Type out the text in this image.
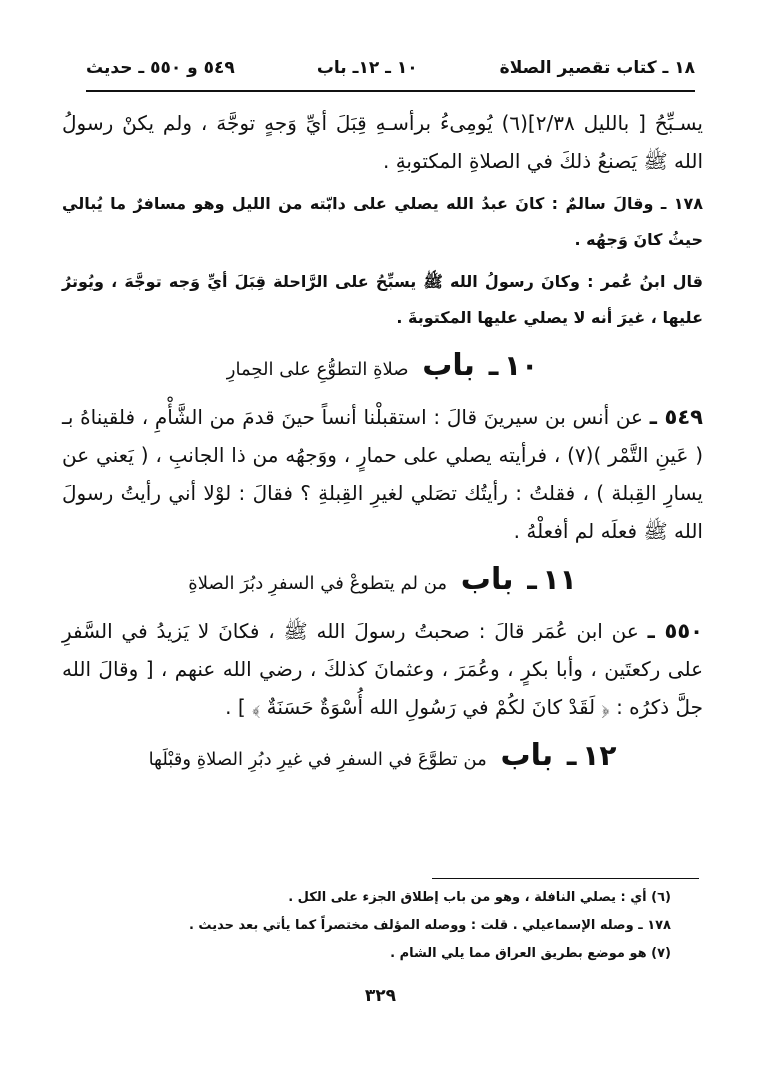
١٨ ـ كتاب تقصير الصلاة
١٠ ـ ١٢ـ باب
٥٤٩ و ٥٥٠ ـ حديث

يسـبِّحُ [ بالليل ٢/٣٨](٦) يُومِىءُ برأسـهِ قِبَلَ أيِّ وَجهٍ توجَّهَ ، ولم يكنْ رسولُ الله ﷺ يَصنعُ ذلكَ في الصلاةِ المكتوبةِ .

١٧٨ ـ وقالَ سالمٌ : كانَ عبدُ الله يصلي على دابّته من الليل وهو مسافرٌ ما يُبالي حيثُ كانَ وَجهُه .

قال ابنُ عُمر : وكانَ رسولُ الله ﷺ يسبِّحُ على الرَّاحلة قِبَلَ أيِّ وَجه توجَّهَ ، ويُوترُ عليها ، غيرَ أنه لا يصلي عليها المكتوبةَ .

١٠ ـ باب صلاةِ التطوُّعِ على الحِمارِ

٥٤٩ ـ عن أنس بن سيرينَ قالَ : استقبلْنا أنساً حينَ قدمَ من الشَّأْمِ ، فلقيناهُ بـ ( عَينِ التَّمْر )(٧) ، فرأيته يصلي على حمارٍ ، ووَجهُه من ذا الجانبِ ، ( يَعني عن يسارِ القِبلة ) ، فقلتُ : رأيتُك تصَلي لغيرِ القِبلةِ ؟ فقالَ : لوْلا أني رأيتُ رسولَ الله ﷺ فعلَه لم أفعلْهُ .

١١ ـ باب من لم يتطوعْ في السفرِ دبُرَ الصلاةِ

٥٥٠ ـ عن ابن عُمَر قالَ : صحبتُ رسولَ الله ﷺ ، فكانَ لا يَزيدُ في السَّفرِ على ركعتَين ، وأبا بكرٍ ، وعُمَرَ ، وعثمانَ كذلكَ ، رضي الله عنهم ، [ وقالَ الله جلَّ ذكرُه : ﴿ لَقَدْ كانَ لكُمْ في رَسُولِ الله أُسْوَةٌ حَسَنَةٌ ﴾ ] .

١٢ ـ باب من تطوَّعَ في السفرِ في غيرِ دبُرِ الصلاةِ وقبْلَها

(٦) أي : يصلي النافلة ، وهو من باب إطلاق الجزء على الكل .

١٧٨ ـ وصله الإسماعيلي . قلت : ووصله المؤلف مختصراً كما يأتي بعد حديث .

(٧) هو موضع بطريق العراق مما يلي الشام .

٣٢٩
